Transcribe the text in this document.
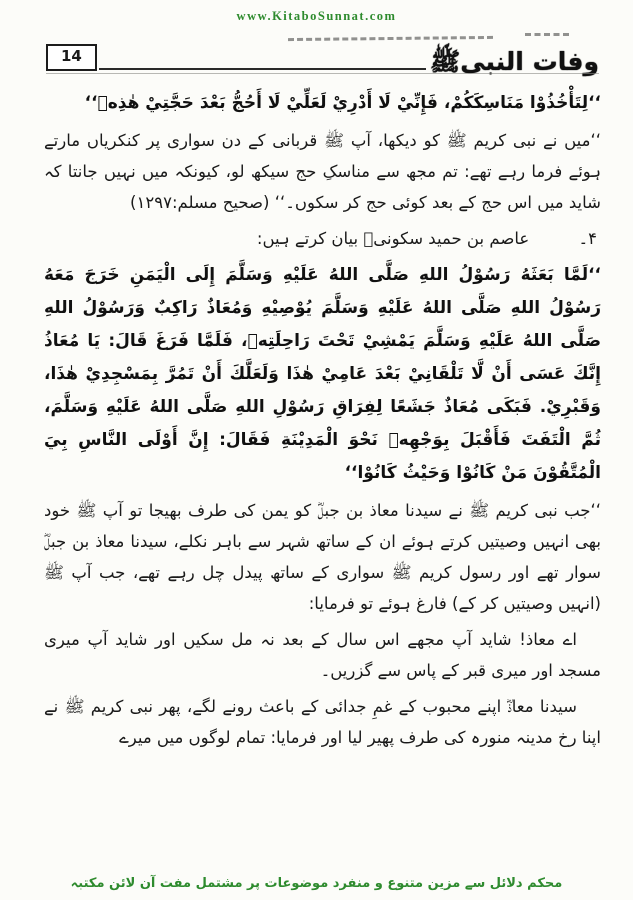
www.KitaboSunnat.com
14	وفات النبیﷺ

‘‘لِتَأْخُذُوْا مَنَاسِكَكُمْ، فَإِنِّيْ لَا أَدْرِيْ لَعَلِّيْ لَا أَحُجُّ بَعْدَ حَجَّتِيْ هٰذِهٖ‘‘

‘‘میں نے نبی کریم ﷺ کو دیکھا، آپ ﷺ قربانی کے دن سواری پر کنکریاں مارتے ہوئے فرما رہے تھے: تم مجھ سے مناسکِ حج سیکھ لو، کیونکہ میں نہیں جانتا کہ شاید میں اس حج کے بعد کوئی حج کر سکوں۔‘‘ (صحیح مسلم:۱۲۹۷)

۴۔ عاصم بن حمید سکونیؒ بیان کرتے ہیں:

‘‘لَمَّا بَعَثَهُ رَسُوْلُ اللهِ صَلَّى اللهُ عَلَيْهِ وَسَلَّمَ إِلَى الْيَمَنِ خَرَجَ مَعَهُ رَسُوْلُ اللهِ صَلَّى اللهُ عَلَيْهِ وَسَلَّمَ يُوْصِيْهِ وَمُعَاذٌ رَاكِبٌ وَرَسُوْلُ اللهِ صَلَّى اللهُ عَلَيْهِ وَسَلَّمَ يَمْشِيْ تَحْتَ رَاحِلَتِهٖ، فَلَمَّا فَرَغَ قَالَ: يَا مُعَاذُ إِنَّكَ عَسَى أَنْ لَّا تَلْقَانِيْ بَعْدَ عَامِيْ هٰذَا وَلَعَلَّكَ أَنْ تَمُرَّ بِمَسْجِدِيْ هٰذَا، وَقَبْرِيْ. فَبَكَى مُعَاذٌ جَشَعًا لِفِرَاقِ رَسُوْلِ اللهِ صَلَّى اللهُ عَلَيْهِ وَسَلَّمَ، ثُمَّ الْتَفَتَ فَأَقْبَلَ بِوَجْهِهٖ نَحْوَ الْمَدِيْنَةِ فَقَالَ: إِنَّ أَوْلَى النَّاسِ بِيَ الْمُتَّقُوْنَ مَنْ كَانُوْا وَحَيْثُ كَانُوْا‘‘

‘‘جب نبی کریم ﷺ نے سیدنا معاذ بن جبلؓ کو یمن کی طرف بھیجا تو آپ ﷺ خود بھی انہیں وصیتیں کرتے ہوئے ان کے ساتھ شہر سے باہر نکلے، سیدنا معاذ بن جبلؓ سوار تھے اور رسول کریم ﷺ سواری کے ساتھ پیدل چل رہے تھے، جب آپ ﷺ (انہیں وصیتیں کر کے) فارغ ہوئے تو فرمایا:

اے معاذ! شاید آپ مجھے اس سال کے بعد نہ مل سکیں اور شاید آپ میری مسجد اور میری قبر کے پاس سے گزریں۔

سیدنا معاذؓ اپنے محبوب کے غمِ جدائی کے باعث رونے لگے، پھر نبی کریم ﷺ نے اپنا رخ مدینہ منورہ کی طرف پھیر لیا اور فرمایا: تمام لوگوں میں میرے

محکم دلائل سے مزین متنوع و منفرد موضوعات پر مشتمل مفت آن لائن مکتبہ
